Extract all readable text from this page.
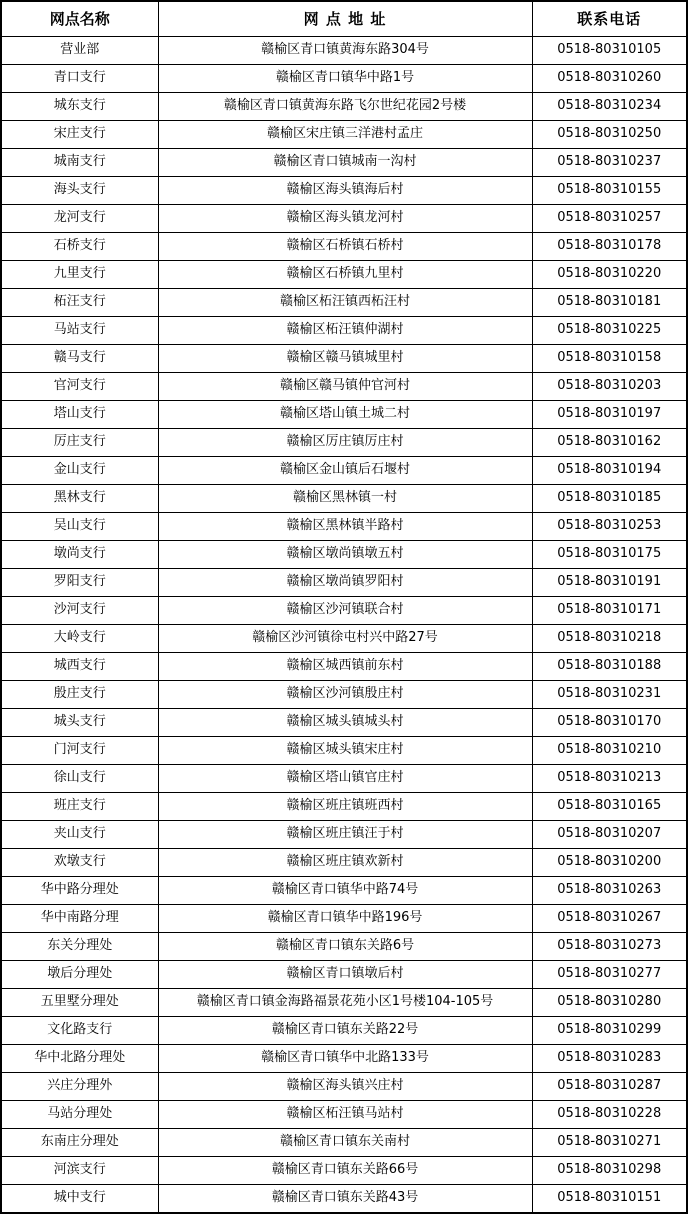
网点名称	网 点 地 址	联系电话
营业部	赣榆区青口镇黄海东路304号	0518-80310105
青口支行	赣榆区青口镇华中路1号	0518-80310260
城东支行	赣榆区青口镇黄海东路飞尔世纪花园2号楼	0518-80310234
宋庄支行	赣榆区宋庄镇三洋港村孟庄	0518-80310250
城南支行	赣榆区青口镇城南一沟村	0518-80310237
海头支行	赣榆区海头镇海后村	0518-80310155
龙河支行	赣榆区海头镇龙河村	0518-80310257
石桥支行	赣榆区石桥镇石桥村	0518-80310178
九里支行	赣榆区石桥镇九里村	0518-80310220
柘汪支行	赣榆区柘汪镇西柘汪村	0518-80310181
马站支行	赣榆区柘汪镇仲湖村	0518-80310225
赣马支行	赣榆区赣马镇城里村	0518-80310158
官河支行	赣榆区赣马镇仲官河村	0518-80310203
塔山支行	赣榆区塔山镇土城二村	0518-80310197
厉庄支行	赣榆区厉庄镇厉庄村	0518-80310162
金山支行	赣榆区金山镇后石堰村	0518-80310194
黑林支行	赣榆区黑林镇一村	0518-80310185
吴山支行	赣榆区黑林镇半路村	0518-80310253
墩尚支行	赣榆区墩尚镇墩五村	0518-80310175
罗阳支行	赣榆区墩尚镇罗阳村	0518-80310191
沙河支行	赣榆区沙河镇联合村	0518-80310171
大岭支行	赣榆区沙河镇徐屯村兴中路27号	0518-80310218
城西支行	赣榆区城西镇前东村	0518-80310188
殷庄支行	赣榆区沙河镇殷庄村	0518-80310231
城头支行	赣榆区城头镇城头村	0518-80310170
门河支行	赣榆区城头镇宋庄村	0518-80310210
徐山支行	赣榆区塔山镇官庄村	0518-80310213
班庄支行	赣榆区班庄镇班西村	0518-80310165
夹山支行	赣榆区班庄镇汪于村	0518-80310207
欢墩支行	赣榆区班庄镇欢新村	0518-80310200
华中路分理处	赣榆区青口镇华中路74号	0518-80310263
华中南路分理	赣榆区青口镇华中路196号	0518-80310267
东关分理处	赣榆区青口镇东关路6号	0518-80310273
墩后分理处	赣榆区青口镇墩后村	0518-80310277
五里墅分理处	赣榆区青口镇金海路福景花苑小区1号楼104-105号	0518-80310280
文化路支行	赣榆区青口镇东关路22号	0518-80310299
华中北路分理处	赣榆区青口镇华中北路133号	0518-80310283
兴庄分理外	赣榆区海头镇兴庄村	0518-80310287
马站分理处	赣榆区柘汪镇马站村	0518-80310228
东南庄分理处	赣榆区青口镇东关南村	0518-80310271
河滨支行	赣榆区青口镇东关路66号	0518-80310298
城中支行	赣榆区青口镇东关路43号	0518-80310151
